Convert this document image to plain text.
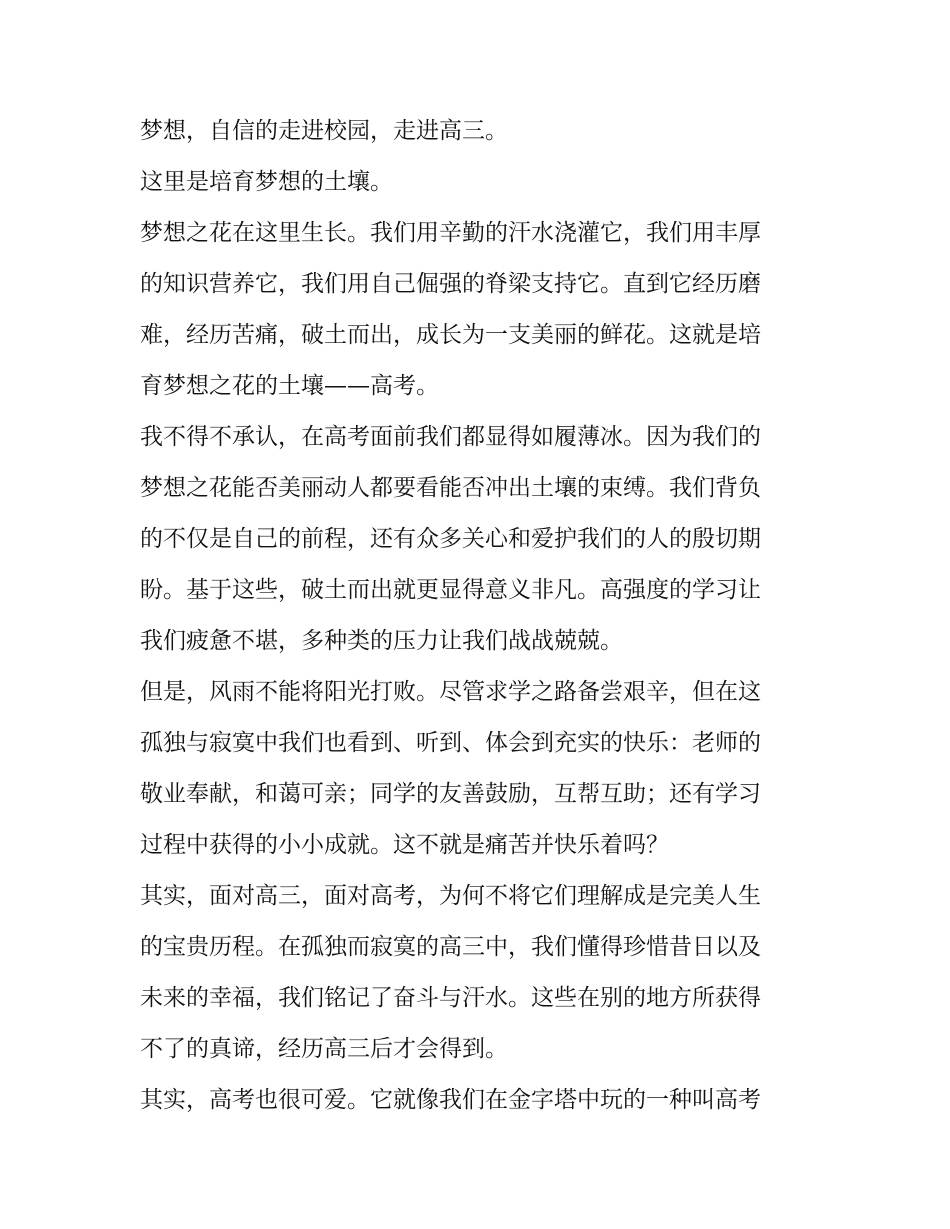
梦想，自信的走进校园，走进高三。
这里是培育梦想的土壤。
梦想之花在这里生长。我们用辛勤的汗水浇灌它，我们用丰厚
的知识营养它，我们用自己倔强的脊梁支持它。直到它经历磨
难，经历苦痛，破土而出，成长为一支美丽的鲜花。这就是培
育梦想之花的土壤——高考。
我不得不承认，在高考面前我们都显得如履薄冰。因为我们的
梦想之花能否美丽动人都要看能否冲出土壤的束缚。我们背负
的不仅是自己的前程，还有众多关心和爱护我们的人的殷切期
盼。基于这些，破土而出就更显得意义非凡。高强度的学习让
我们疲惫不堪，多种类的压力让我们战战兢兢。
但是，风雨不能将阳光打败。尽管求学之路备尝艰辛，但在这
孤独与寂寞中我们也看到、听到、体会到充实的快乐：老师的
敬业奉献，和蔼可亲；同学的友善鼓励，互帮互助；还有学习
过程中获得的小小成就。这不就是痛苦并快乐着吗？
其实，面对高三，面对高考，为何不将它们理解成是完美人生
的宝贵历程。在孤独而寂寞的高三中，我们懂得珍惜昔日以及
未来的幸福，我们铭记了奋斗与汗水。这些在别的地方所获得
不了的真谛，经历高三后才会得到。
其实，高考也很可爱。它就像我们在金字塔中玩的一种叫高考
